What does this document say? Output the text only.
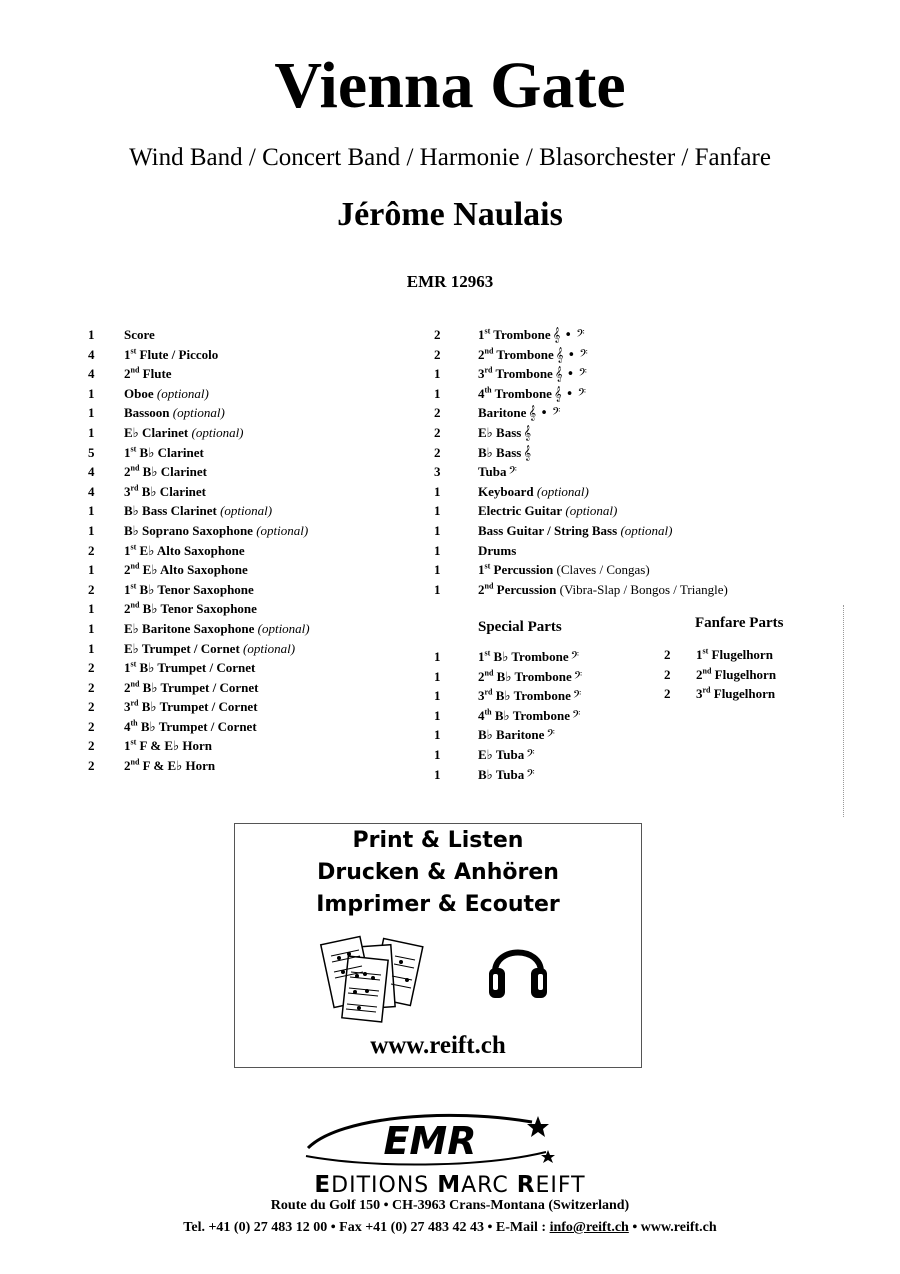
Vienna Gate
Wind Band / Concert Band / Harmonie / Blasorchester / Fanfare
Jérôme Naulais
EMR 12963
1	Score
4	1st Flute / Piccolo
4	2nd Flute
1	Oboe (optional)
1	Bassoon (optional)
1	E♭ Clarinet (optional)
5	1st B♭ Clarinet
4	2nd B♭ Clarinet
4	3rd B♭ Clarinet
1	B♭ Bass Clarinet (optional)
1	B♭ Soprano Saxophone (optional)
2	1st E♭ Alto Saxophone
1	2nd E♭ Alto Saxophone
2	1st B♭ Tenor Saxophone
1	2nd B♭ Tenor Saxophone
1	E♭ Baritone Saxophone (optional)
1	E♭ Trumpet / Cornet (optional)
2	1st B♭ Trumpet / Cornet
2	2nd B♭ Trumpet / Cornet
2	3rd B♭ Trumpet / Cornet
2	4th B♭ Trumpet / Cornet
2	1st F & E♭ Horn
2	2nd F & E♭ Horn
2	1st Trombone 𝄞 • 𝄢
2	2nd Trombone 𝄞 • 𝄢
1	3rd Trombone 𝄞 • 𝄢
1	4th Trombone 𝄞 • 𝄢
2	Baritone 𝄞 • 𝄢
2	E♭ Bass 𝄞
2	B♭ Bass 𝄞
3	Tuba 𝄢
1	Keyboard (optional)
1	Electric Guitar (optional)
1	Bass Guitar / String Bass (optional)
1	Drums
1	1st Percussion (Claves / Congas)
1	2nd Percussion (Vibra-Slap / Bongos / Triangle)
Special Parts
1	1st B♭ Trombone 𝄢
1	2nd B♭ Trombone 𝄢
1	3rd B♭ Trombone 𝄢
1	4th B♭ Trombone 𝄢
1	B♭ Baritone 𝄢
1	E♭ Tuba 𝄢
1	B♭ Tuba 𝄢
Fanfare Parts
2	1st Flugelhorn
2	2nd Flugelhorn
2	3rd Flugelhorn
Print & Listen
Drucken & Anhören
Imprimer & Ecouter
www.reift.ch
EMR
EDITIONS MARC REIFT
Route du Golf 150 • CH-3963 Crans-Montana (Switzerland)
Tel. +41 (0) 27 483 12 00 • Fax +41 (0) 27 483 42 43 • E-Mail : info@reift.ch • www.reift.ch
